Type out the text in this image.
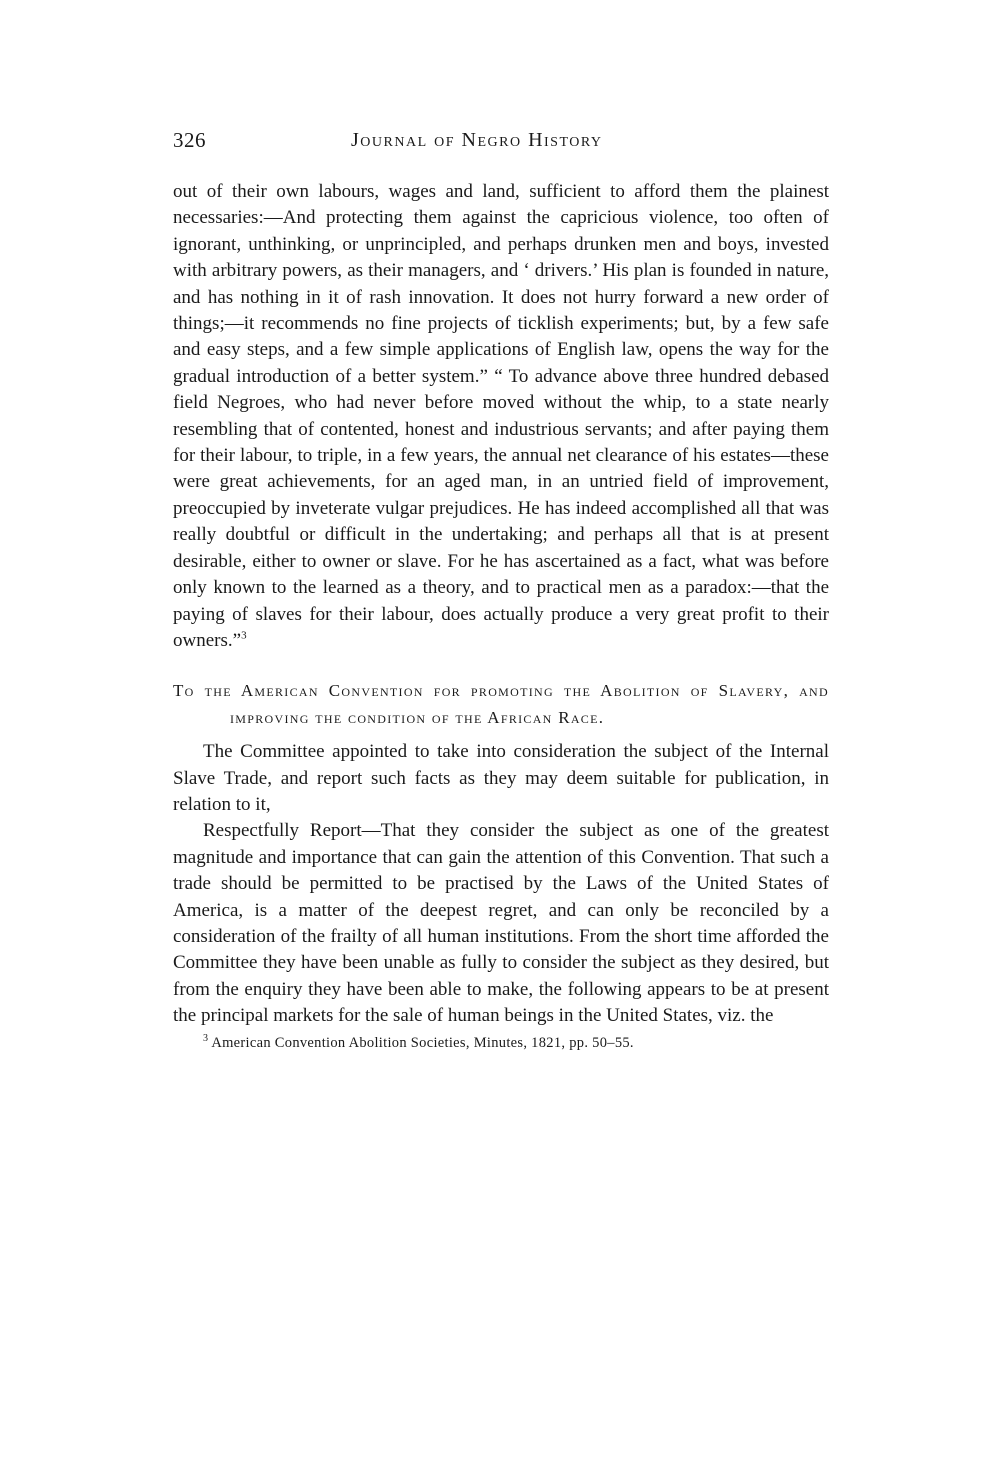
326	Journal of Negro History

out of their own labours, wages and land, sufficient to afford them the plainest necessaries:—And protecting them against the capricious violence, too often of ignorant, unthinking, or unprincipled, and perhaps drunken men and boys, invested with arbitrary powers, as their managers, and ‘ drivers.’ His plan is founded in nature, and has nothing in it of rash innovation. It does not hurry forward a new order of things;—it recommends no fine projects of ticklish experiments; but, by a few safe and easy steps, and a few simple applications of English law, opens the way for the gradual introduction of a better system.” “ To advance above three hundred debased field Negroes, who had never before moved without the whip, to a state nearly resembling that of contented, honest and industrious servants; and after paying them for their labour, to triple, in a few years, the annual net clearance of his estates—these were great achievements, for an aged man, in an untried field of improvement, preoccupied by inveterate vulgar prejudices. He has indeed accomplished all that was really doubtful or difficult in the undertaking; and perhaps all that is at present desirable, either to owner or slave. For he has ascertained as a fact, what was before only known to the learned as a theory, and to practical men as a paradox:—that the paying of slaves for their labour, does actually produce a very great profit to their owners.”$^3$

To the American Convention for promoting the Abolition of Slavery, and improving the condition of the African Race.

The Committee appointed to take into consideration the subject of the Internal Slave Trade, and report such facts as they may deem suitable for publication, in relation to it,

Respectfully Report—That they consider the subject as one of the greatest magnitude and importance that can gain the attention of this Convention. That such a trade should be permitted to be practised by the Laws of the United States of America, is a matter of the deepest regret, and can only be reconciled by a consideration of the frailty of all human institutions. From the short time afforded the Committee they have been unable as fully to consider the subject as they desired, but from the enquiry they have been able to make, the following appears to be at present the principal markets for the sale of human beings in the United States, viz. the

$^3$ American Convention Abolition Societies, Minutes, 1821, pp. 50–55.
